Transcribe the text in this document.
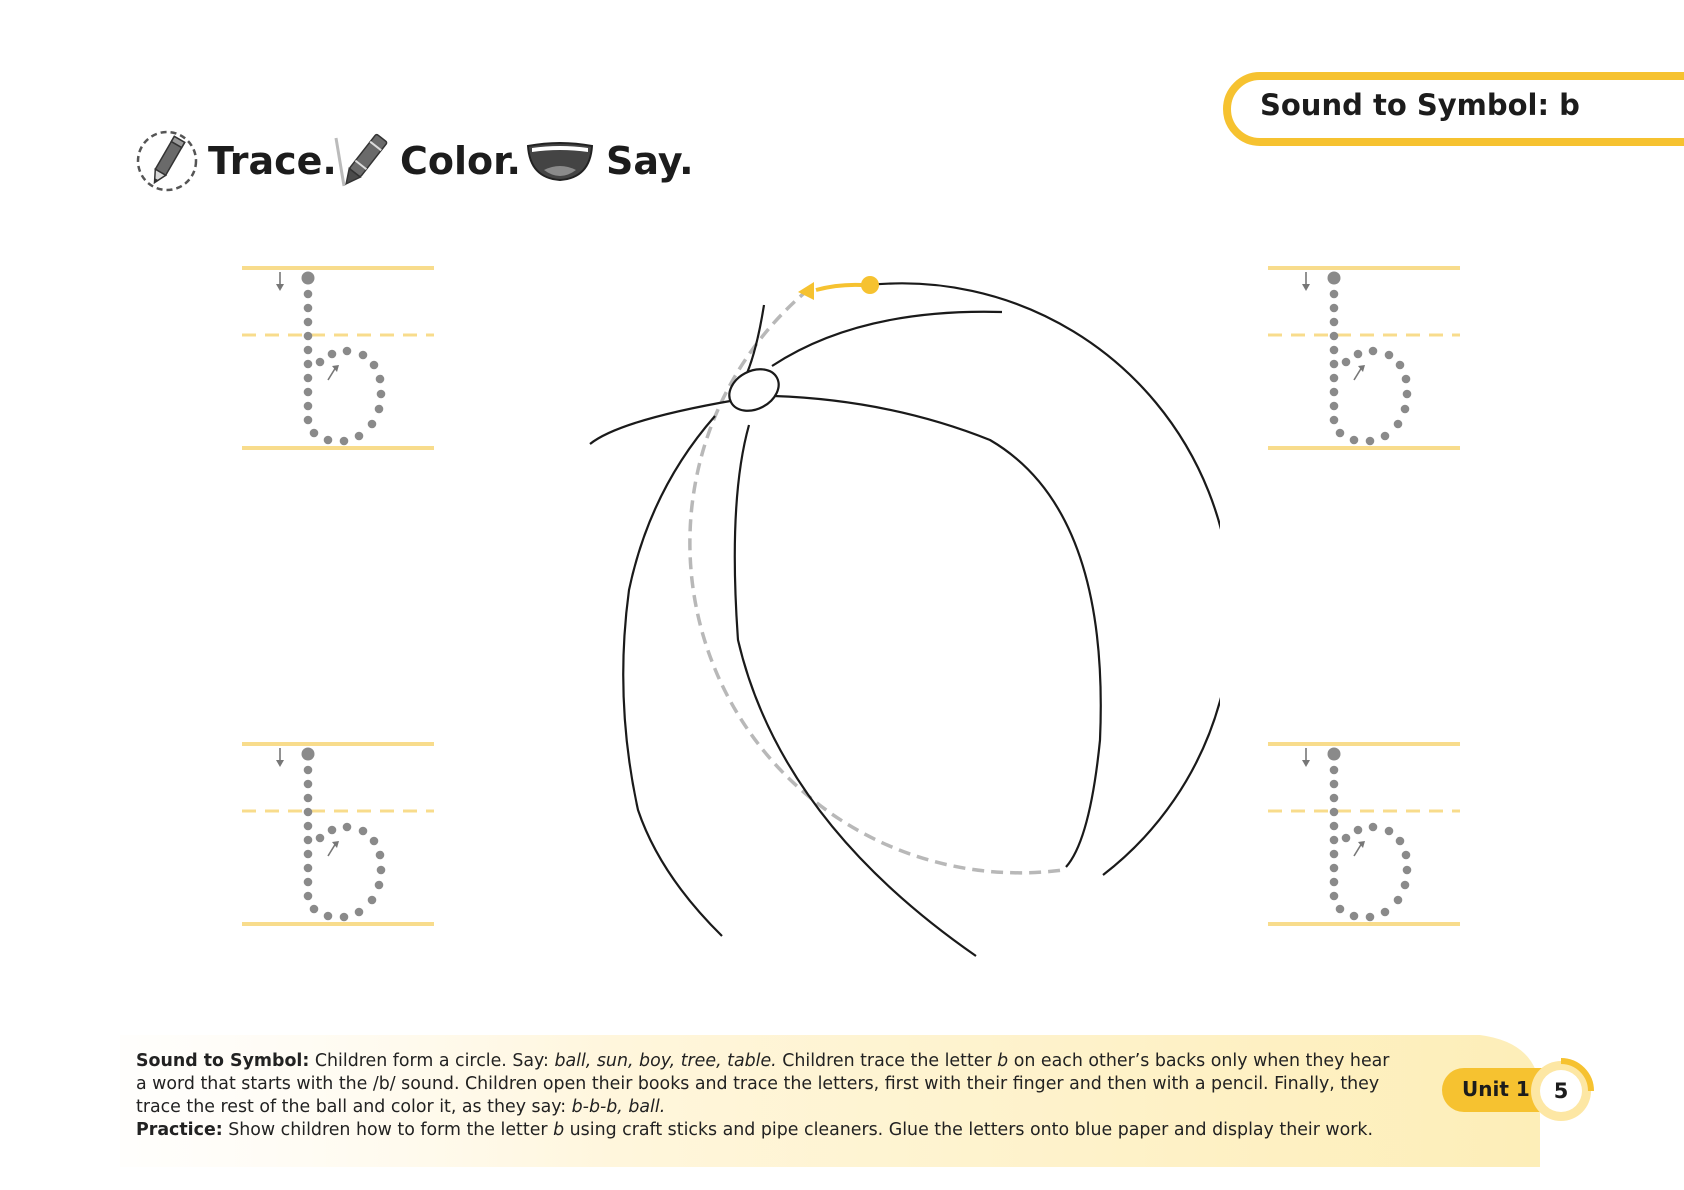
Sound to Symbol: b
Trace. Color. Say.
Sound to Symbol: Children form a circle. Say: ball, sun, boy, tree, table. Children trace the letter b on each other’s backs only when they hear a word that starts with the /b/ sound. Children open their books and trace the letters, first with their finger and then with a pencil. Finally, they trace the rest of the ball and color it, as they say: b-b-b, ball.
Practice: Show children how to form the letter b using craft sticks and pipe cleaners. Glue the letters onto blue paper and display their work.
Unit 1	5
